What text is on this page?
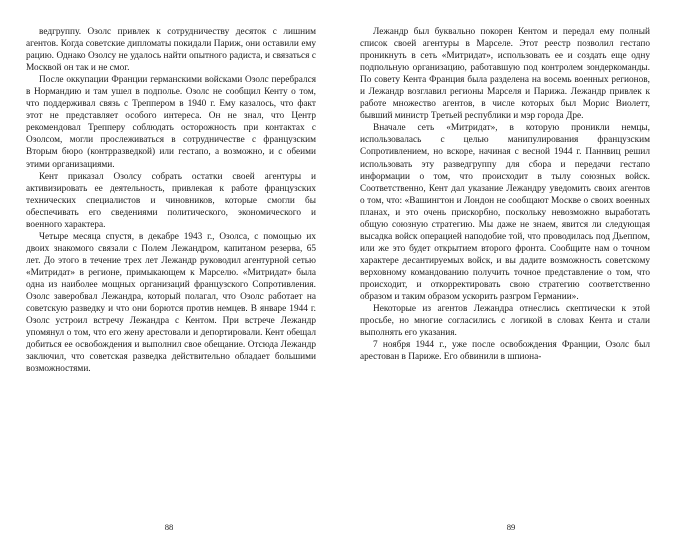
ведгруппу. Озолс привлек к сотрудничеству десяток с лишним агентов. Когда советские дипломаты покидали Париж, они оставили ему рацию. Однако Озолсу не удалось найти опытного радиста, и связаться с Москвой он так и не смог.

После оккупации Франции германскими войсками Озолс перебрался в Нормандию и там ушел в подполье. Озолс не сообщил Кенту о том, что поддерживал связь с Треппером в 1940 г. Ему казалось, что факт этот не представляет особого интереса. Он не знал, что Центр рекомендовал Трепперу соблюдать осторожность при контактах с Озолсом, могли прослеживаться в сотрудничестве с французским Вторым бюро (контрразведкой) или гестапо, а возможно, и с обеими этими организациями.

Кент приказал Озолсу собрать остатки своей агентуры и активизировать ее деятельность, привлекая к работе французских технических специалистов и чиновников, которые смогли бы обеспечивать его сведениями политического, экономического и военного характера.

Четыре месяца спустя, в декабре 1943 г., Озолса, с помощью их двоих знакомого связали с Полем Лежандром, капитаном резерва, 65 лет. До этого в течение трех лет Лежандр руководил агентурной сетью «Митридат» в регионе, примыкающем к Марселю. «Митридат» была одна из наиболее мощных организаций французского Сопротивления. Озолс заверобвал Лежандра, который полагал, что Озолс работает на советскую разведку и что они борются против немцев. В январе 1944 г. Озолс устроил встречу Лежандра с Кентом. При встрече Лежандр упомянул о том, что его жену арестовали и депортировали. Кент обещал добиться ее освобождения и выполнил свое обещание. Отсюда Лежандр заключил, что советская разведка действительно обладает большими возможностями.

88

Лежандр был буквально покорен Кентом и передал ему полный список своей агентуры в Марселе. Этот реестр позволил гестапо проникнуть в сеть «Митридат», использовать ее и создать еще одну подпольную организацию, работавшую под контролем зондеркоманды. По совету Кента Франция была разделена на восемь военных регионов, и Лежандр возглавил регионы Марселя и Парижа. Лежандр привлек к работе множество агентов, в числе которых был Морис Виолетт, бывший министр Третьей республики и мэр города Дре.

Вначале сеть «Митридат», в которую проникли немцы, использовалась с целью манипулирования французским Сопротивлением, но вскоре, начиная с весной 1944 г. Паннвиц решил использовать эту разведгруппу для сбора и передачи гестапо информации о том, что происходит в тылу союзных войск. Соответственно, Кент дал указание Лежандру уведомить своих агентов о том, что: «Вашингтон и Лондон не сообщают Москве о своих военных планах, и это очень прискорбно, поскольку невозможно выработать общую союзную стратегию. Мы даже не знаем, явится ли следующая высадка войск операцией наподобие той, что проводилась под Дьеппом, или же это будет открытием второго фронта. Сообщите нам о точном характере десантируемых войск, и вы дадите возможность советскому верховному командованию получить точное представление о том, что происходит, и откорректировать свою стратегию соответственно образом и таким образом ускорить разгром Германии».

Некоторые из агентов Лежандра отнеслись скептически к этой просьбе, но многие согласились с логикой в словах Кента и стали выполнять его указания.

7 ноября 1944 г., уже после освобождения Франции, Озолс был арестован в Париже. Его обвинили в шпиона-

89
